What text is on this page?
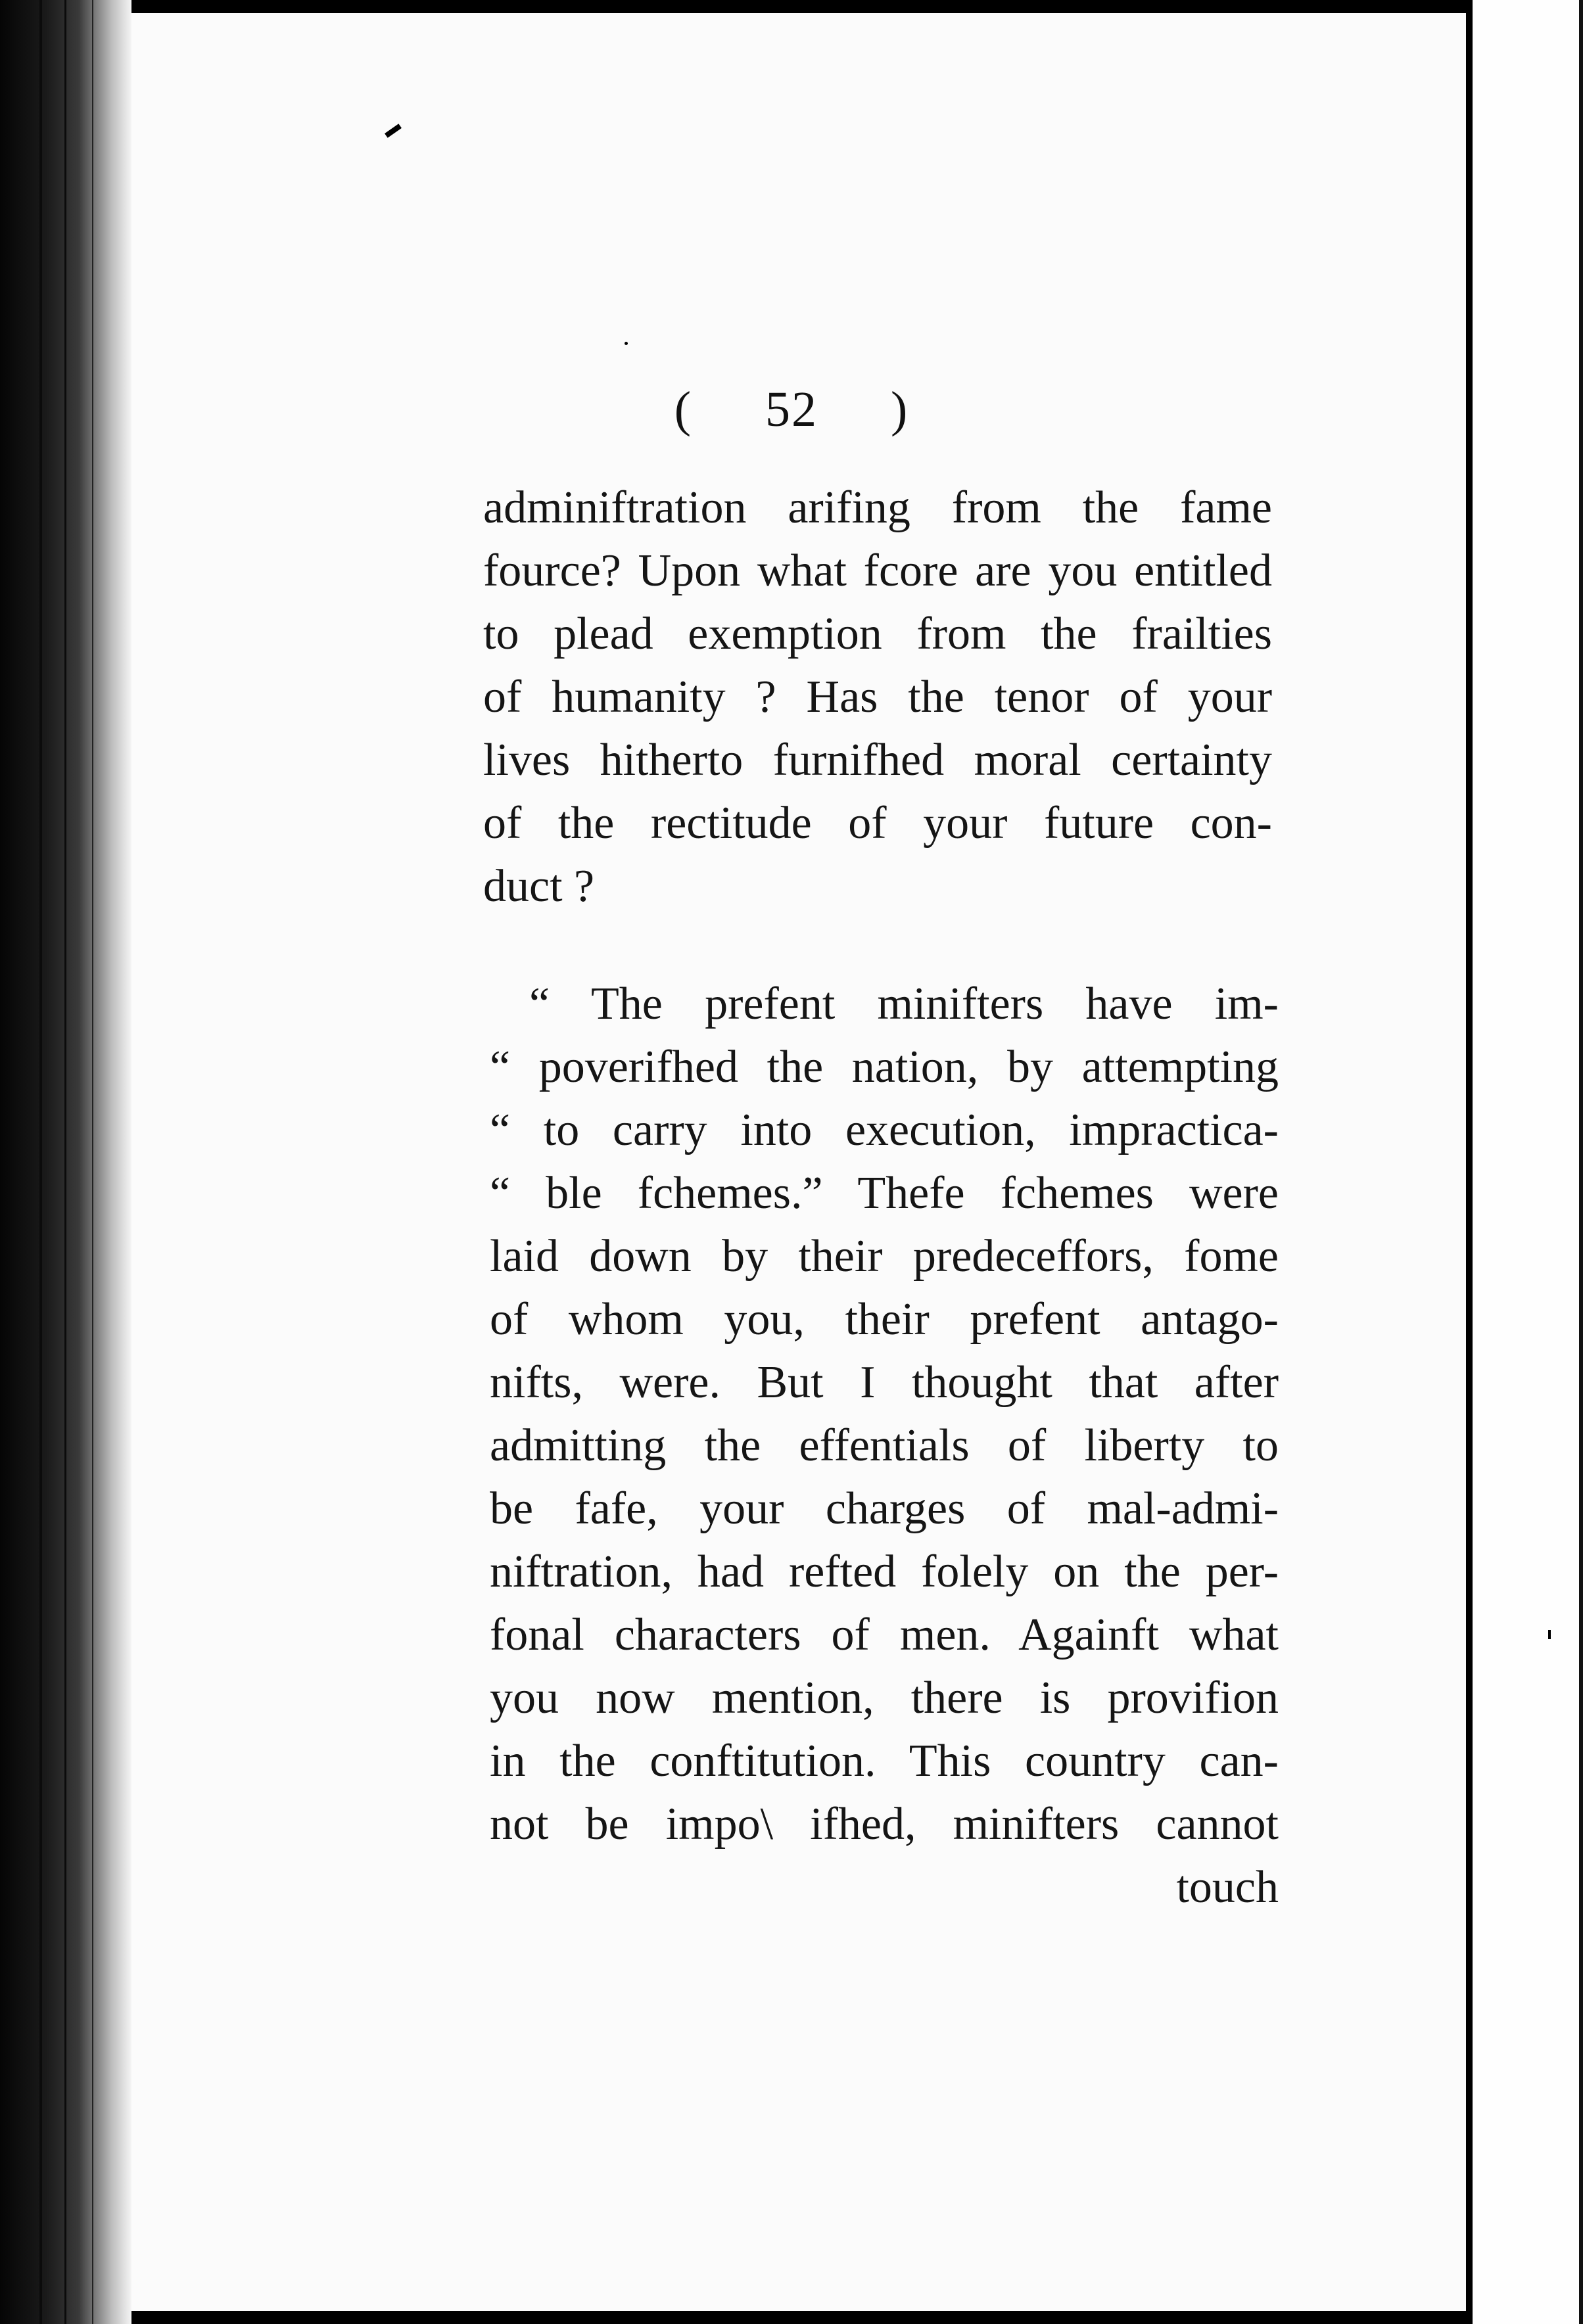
( 52 )
adminiftration arifing from the fame
fource? Upon what fcore are you entitled
to plead exemption from the frailties
of humanity ? Has the tenor of your
lives hitherto furnifhed moral certainty
of the rectitude of your future con-
duct ?
“ The prefent minifters have im-
“ poverifhed the nation, by attempting
“ to carry into execution, impractica-
“ ble fchemes.” Thefe fchemes were
laid down by their predeceffors, fome
of whom you, their prefent antago-
nifts, were. But I thought that after
admitting the effentials of liberty to
be fafe, your charges of mal-admi-
niftration, had refted folely on the per-
fonal characters of men. Againft what
you now mention, there is provifion
in the conftitution. This country can-
not be impo\ ifhed, minifters cannot
touch
